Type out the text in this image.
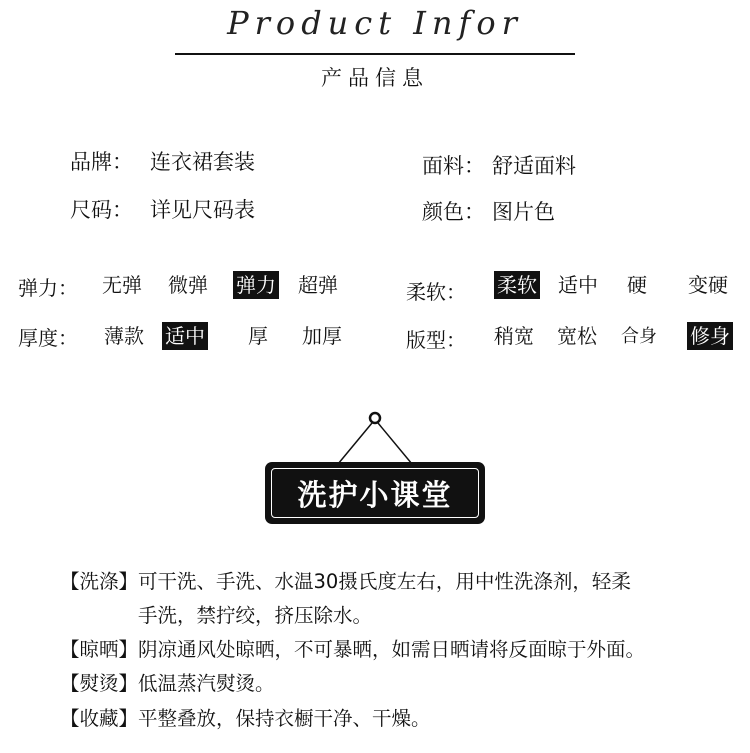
Product Infor
产品信息
品牌： 连衣裙套装	面料： 舒适面料
尺码： 详见尺码表	颜色： 图片色
弹力： 无弹 微弹 弹力 超弹	柔软： 柔软 适中 硬 变硬
厚度： 薄款 适中 厚 加厚	版型： 稍宽 宽松 合身 修身
洗护小课堂
【洗涤】可干洗、手洗、水温30摄氏度左右，用中性洗涤剂，轻柔
手洗，禁拧绞，挤压除水。
【晾晒】阴凉通风处晾晒，不可暴晒，如需日晒请将反面晾于外面。
【熨烫】低温蒸汽熨烫。
【收藏】平整叠放，保持衣橱干净、干燥。
